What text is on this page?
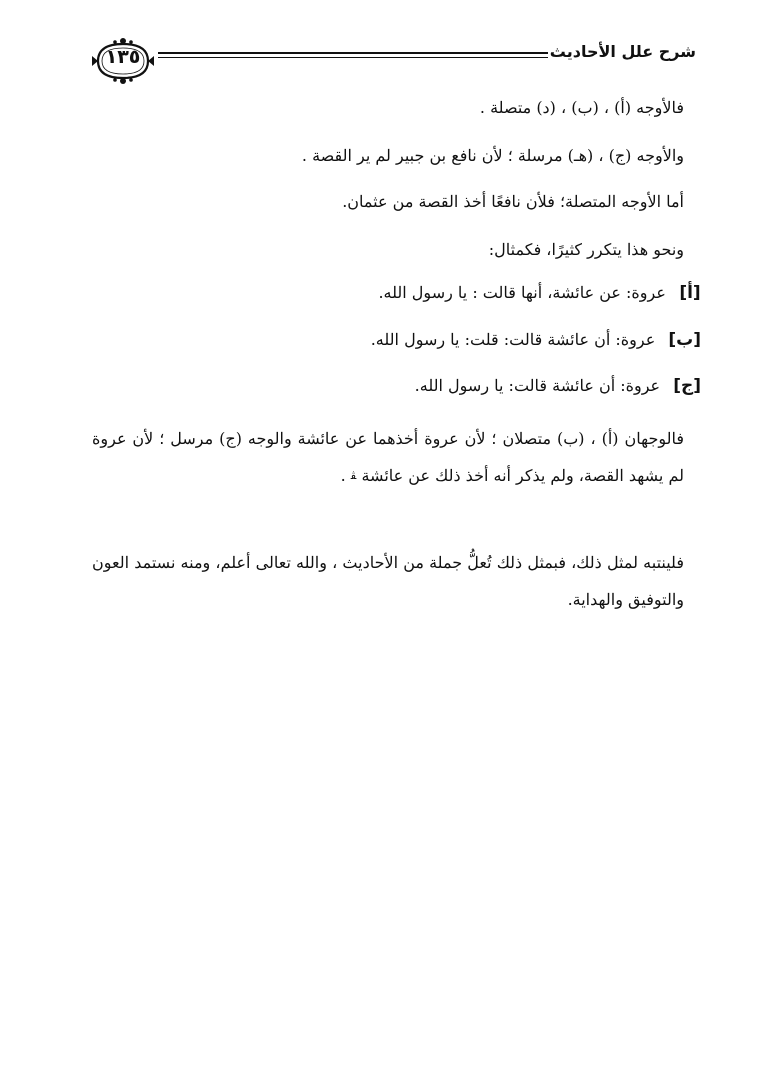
١٣٥	شرح علل الأحاديث
فالأوجه (أ) ، (ب) ، (د) متصلة .
والأوجه (ج) ، (هـ) مرسلة ؛ لأن نافع بن جبير لم ير القصة .
أما الأوجه المتصلة؛ فلأن نافعًا أخذ القصة من عثمان.
ونحو هذا يتكرر كثيرًا، فكمثال:
[أ] عروة: عن عائشة، أنها قالت : يا رسول الله.
[ب] عروة: أن عائشة قالت: قلت: يا رسول الله.
[ج] عروة: أن عائشة قالت: يا رسول الله.
فالوجهان (أ) ، (ب) متصلان ؛ لأن عروة أخذهما عن عائشة والوجه (ج) مرسل ؛ لأن عروة لم يشهد القصة، ولم يذكر أنه أخذ ذلك عن عائشة ﭭ .
فلينتبه لمثل ذلك، فبمثل ذلك تُعلُّ جملة من الأحاديث ، والله تعالى أعلم، ومنه نستمد العون والتوفيق والهداية.
